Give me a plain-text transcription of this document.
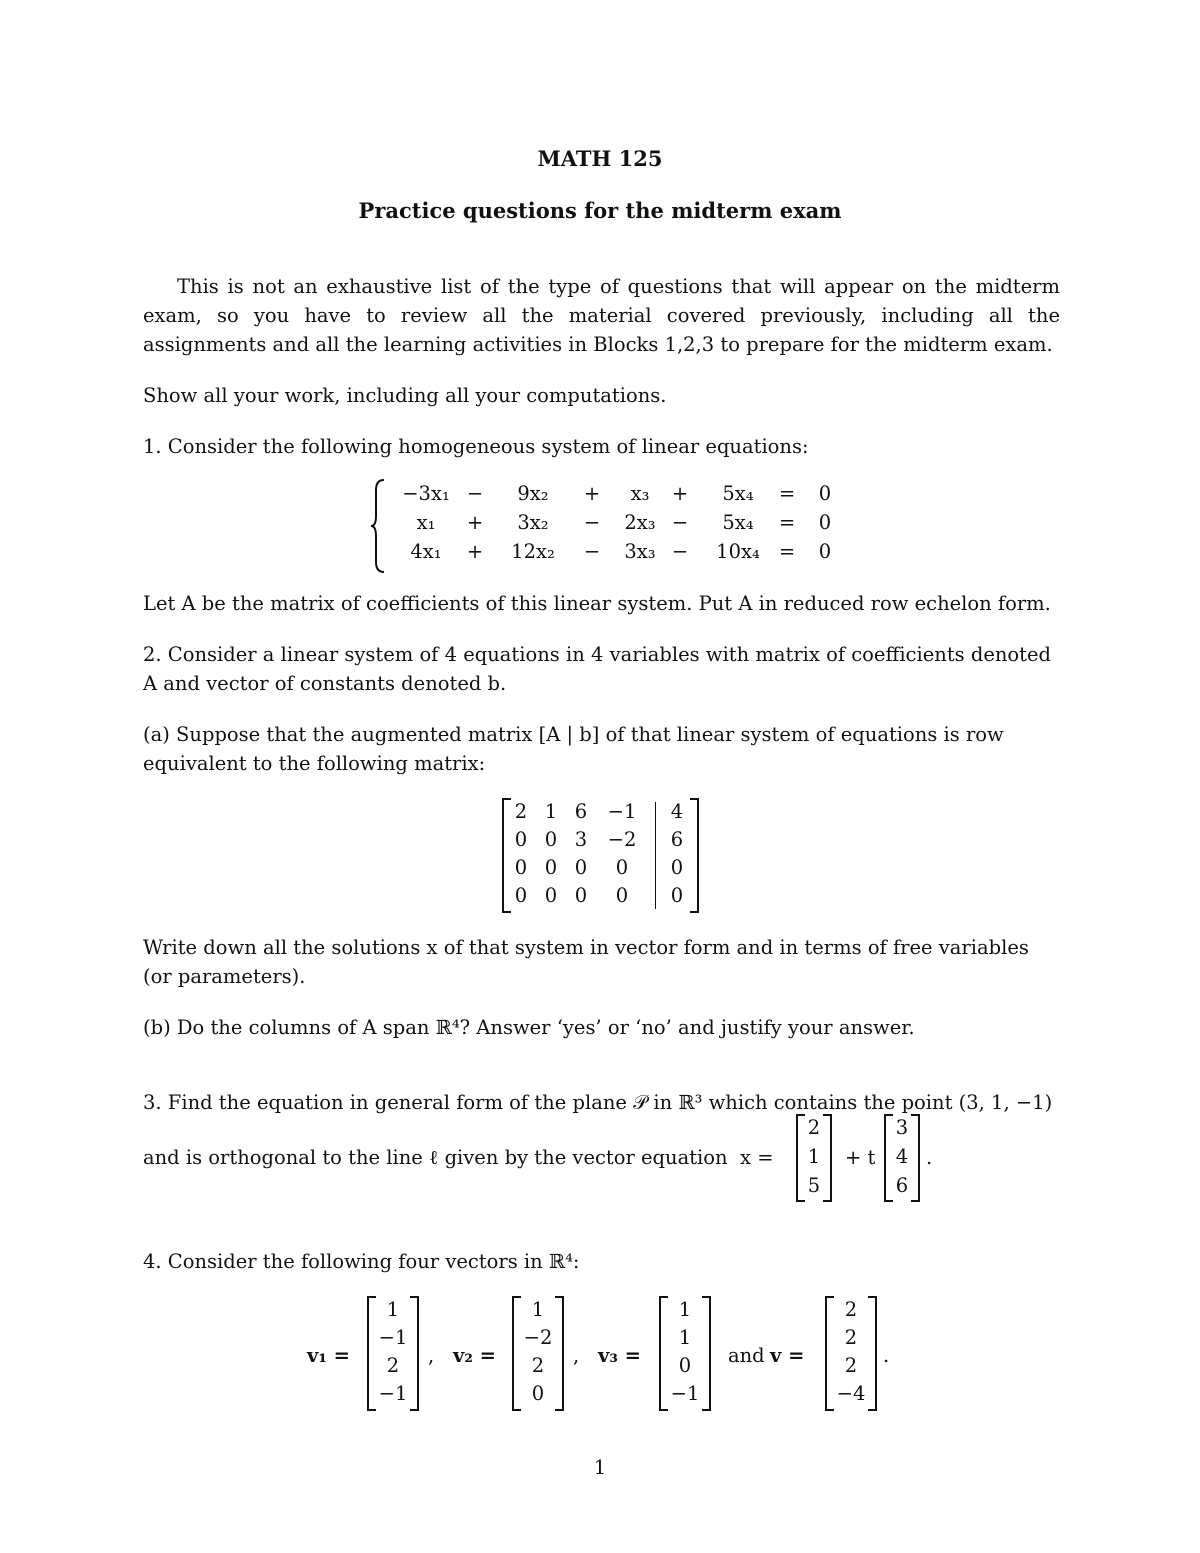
MATH 125
Practice questions for the midterm exam
This is not an exhaustive list of the type of questions that will appear on the midterm exam, so you have to review all the material covered previously, including all the assignments and all the learning activities in Blocks 1,2,3 to prepare for the midterm exam.
Show all your work, including all your computations.
1. Consider the following homogeneous system of linear equations:
−3x₁ −	9x₂	+	x₃	+	5x₄	= 0
x₁	+	3x₂	− 2x₃ −	5x₄	= 0
4x₁	+	12x₂	− 3x₃ −	10x₄ = 0
Let A be the matrix of coefficients of this linear system. Put A in reduced row echelon form.
2. Consider a linear system of 4 equations in 4 variables with matrix of coefficients denoted
A and vector of constants denoted b.
(a) Suppose that the augmented matrix [A | b] of that linear system of equations is row
equivalent to the following matrix:
2 1 6	−1	4
0 0 3	−2	6
0 0 0	0	0
0 0 0	0	0
Write down all the solutions x of that system in vector form and in terms of free variables
(or parameters).
(b) Do the columns of A span ℝ⁴? Answer ‘yes’ or ‘no’ and justify your answer.
3. Find the equation in general form of the plane 𝒫 in ℝ³ which contains the point (3, 1, −1)
and is orthogonal to the line ℓ given by the vector equation x =
2
1
5
+ t
3
4
6
.
4. Consider the following four vectors in ℝ⁴:
v₁ =
1
−1
2
−1
, v₂ =
1
−2
2
0
, v₃ =
1
1
0
−1
and v =
2
2
2
−4
.
1
